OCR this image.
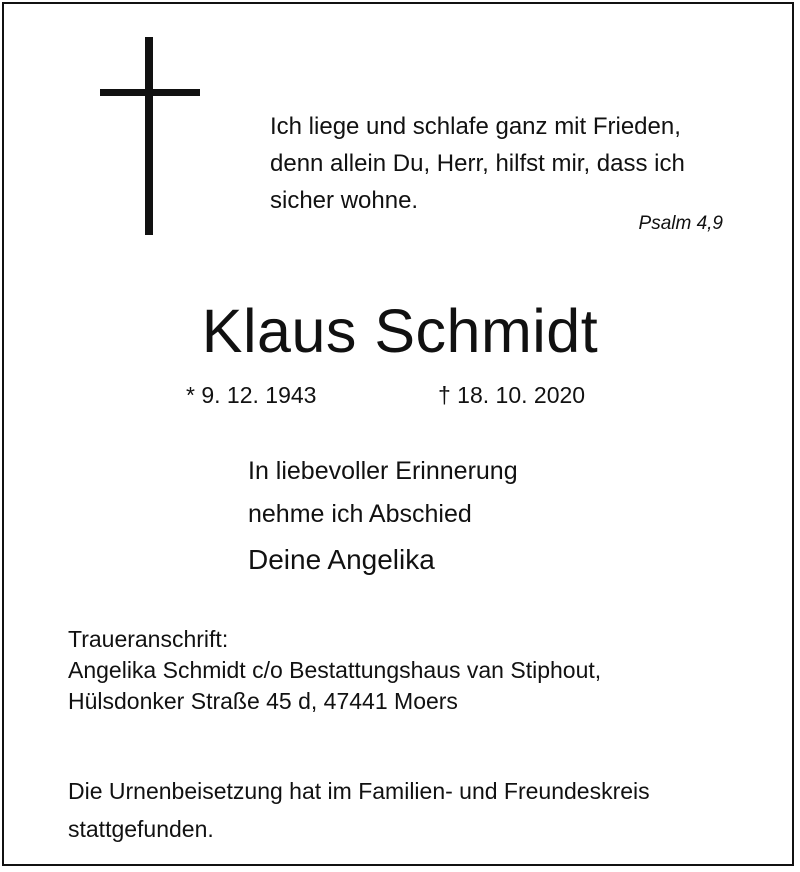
Ich liege und schlafe ganz mit Frieden,
denn allein Du, Herr, hilfst mir, dass ich
sicher wohne.
Psalm 4,9
Klaus Schmidt
* 9. 12. 1943	† 18. 10. 2020
In liebevoller Erinnerung
nehme ich Abschied
Deine Angelika
Traueranschrift:
Angelika Schmidt c/o Bestattungshaus van Stiphout,
Hülsdonker Straße 45 d, 47441 Moers
Die Urnenbeisetzung hat im Familien- und Freundeskreis
stattgefunden.
